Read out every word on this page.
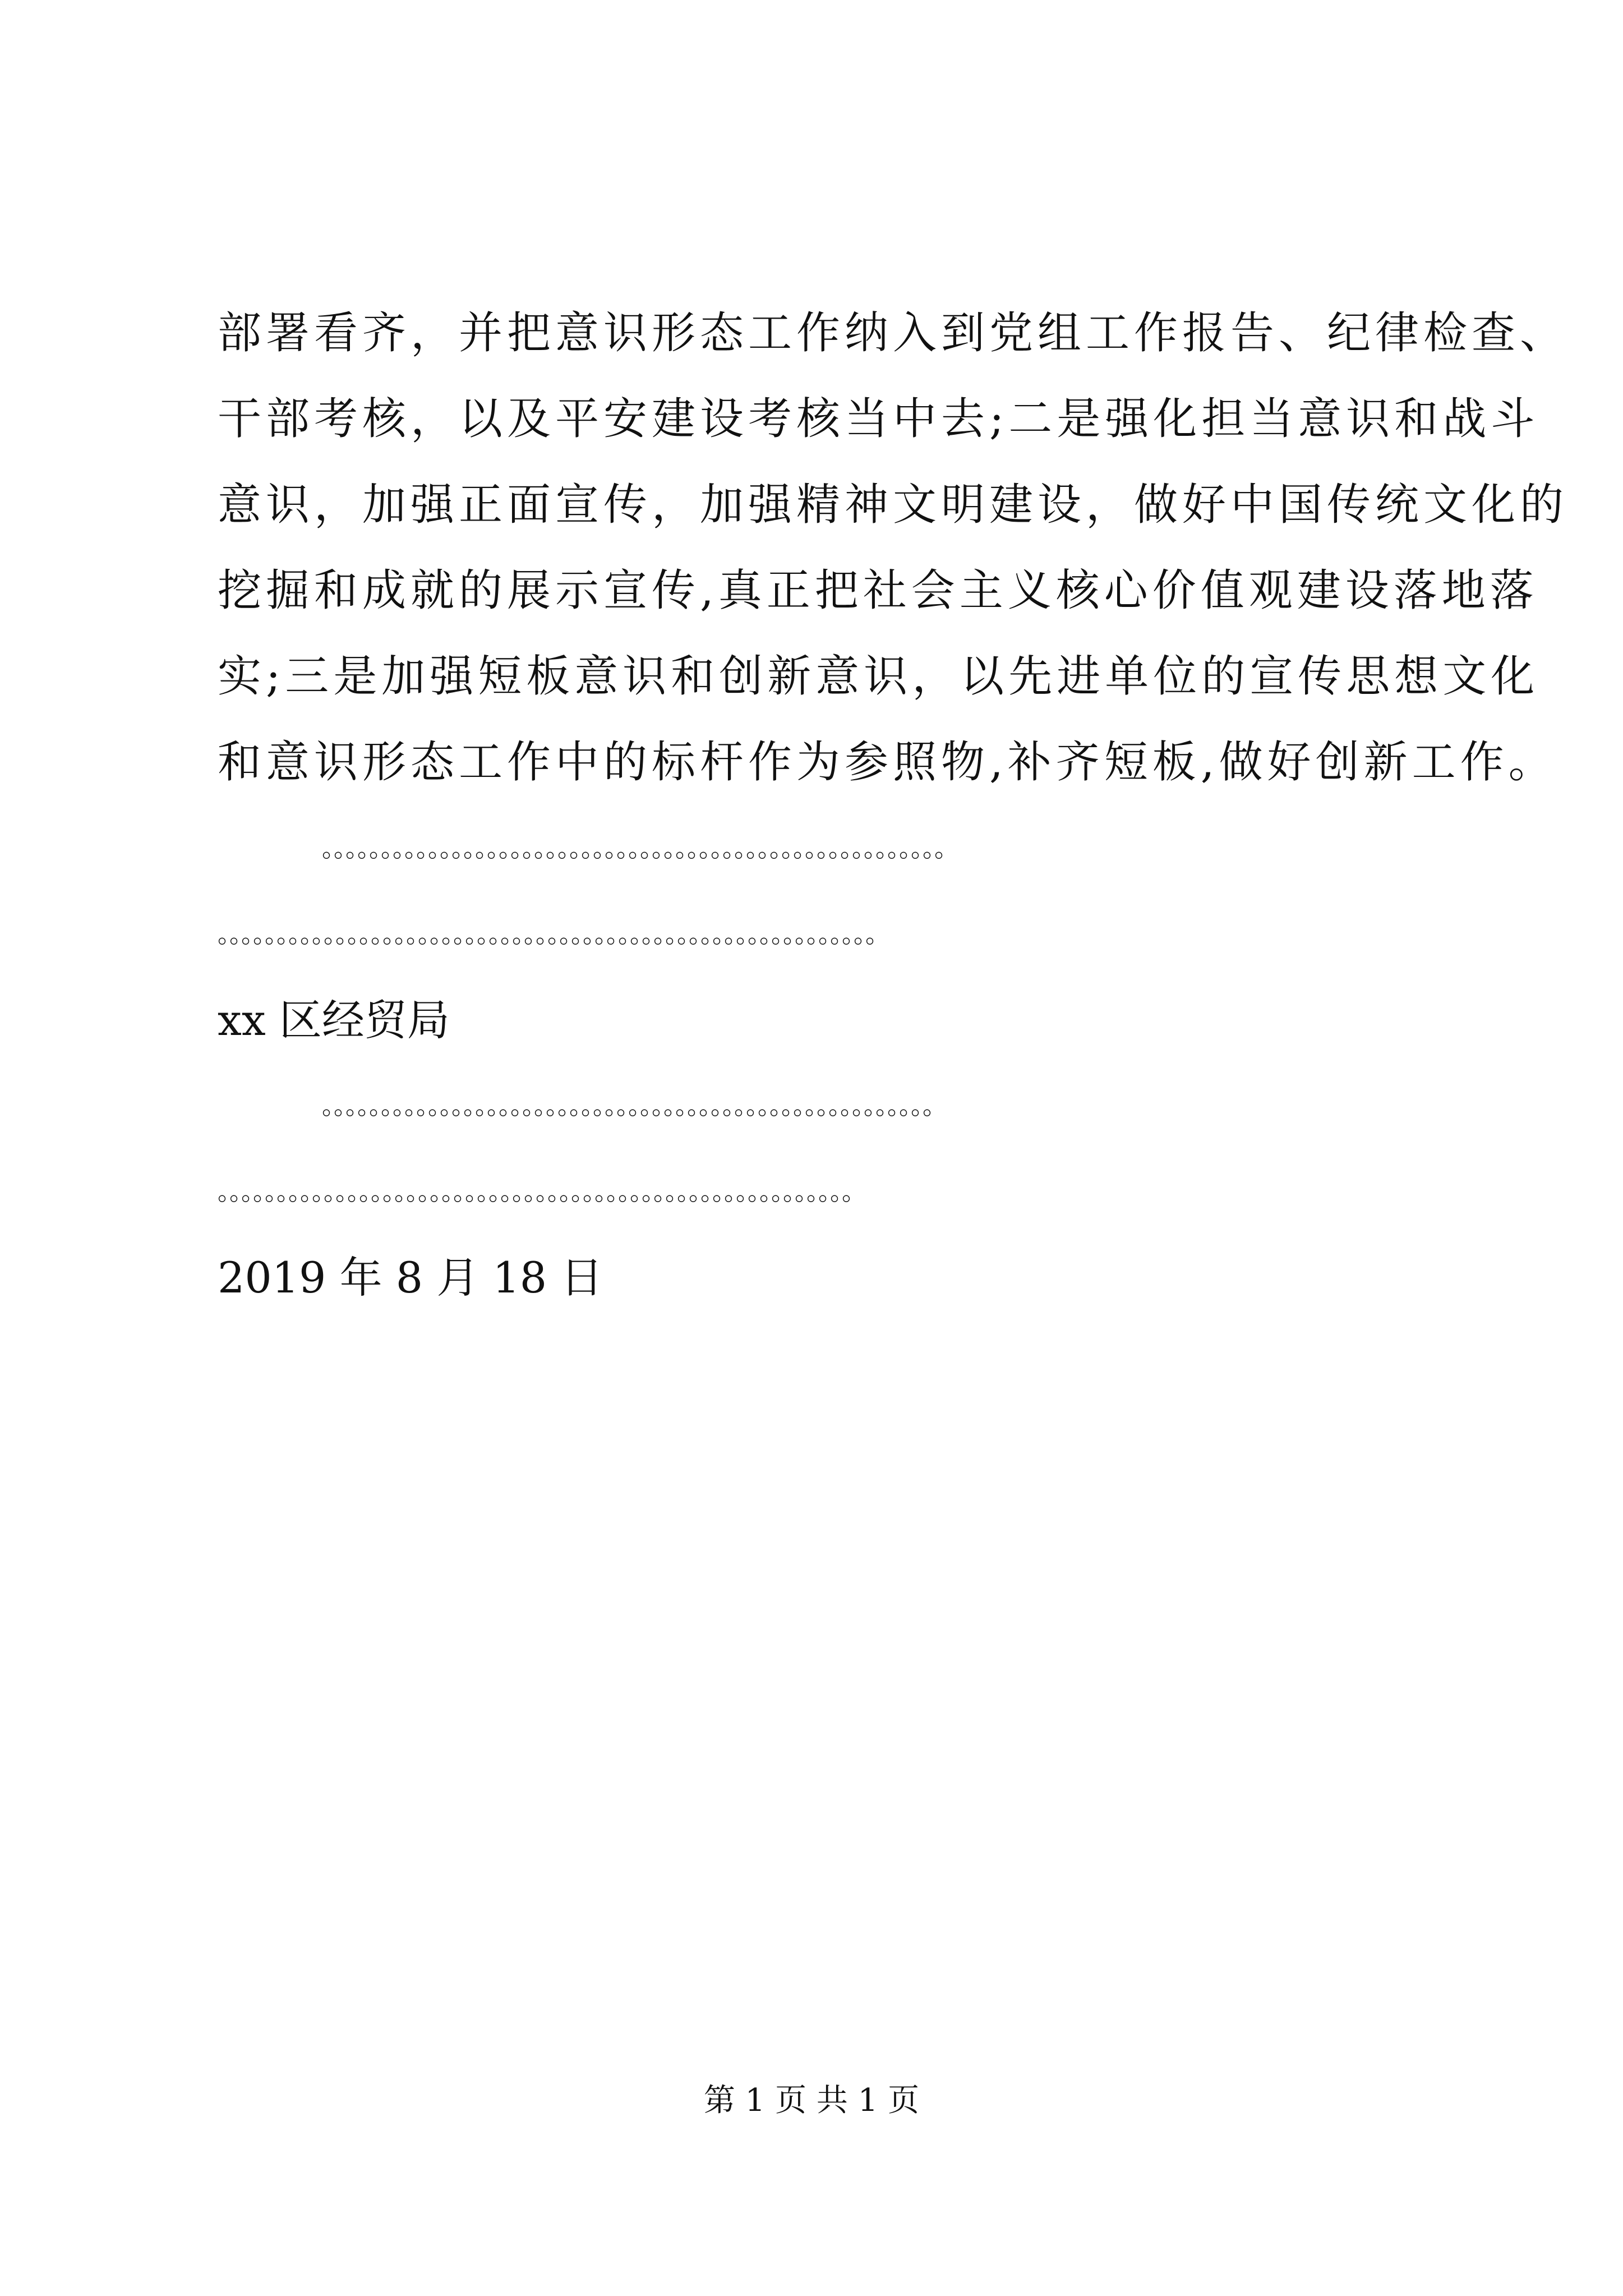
部署看齐，并把意识形态工作纳入到党组工作报告、纪律检查、
干部考核，以及平安建设考核当中去;二是强化担当意识和战斗
意识，加强正面宣传，加强精神文明建设，做好中国传统文化的
挖掘和成就的展示宣传,真正把社会主义核心价值观建设落地落
实;三是加强短板意识和创新意识，以先进单位的宣传思想文化
和意识形态工作中的标杆作为参照物,补齐短板,做好创新工作。
。。。。。。。。。。。。。。。。。。。。。。。。。。。。。。。。。。。。。。。。。。。。。。。。。。。。。
。。。。。。。。。。。。。。。。。。。。。。。。。。。。。。。。。。。。。。。。。。。。。。。。。。。。。。。。
xx 区经贸局
。。。。。。。。。。。。。。。。。。。。。。。。。。。。。。。。。。。。。。。。。。。。。。。。。。。。
。。。。。。。。。。。。。。。。。。。。。。。。。。。。。。。。。。。。。。。。。。。。。。。。。。。。。。
2019 年 8 月 18 日
第 1 页 共 1 页
